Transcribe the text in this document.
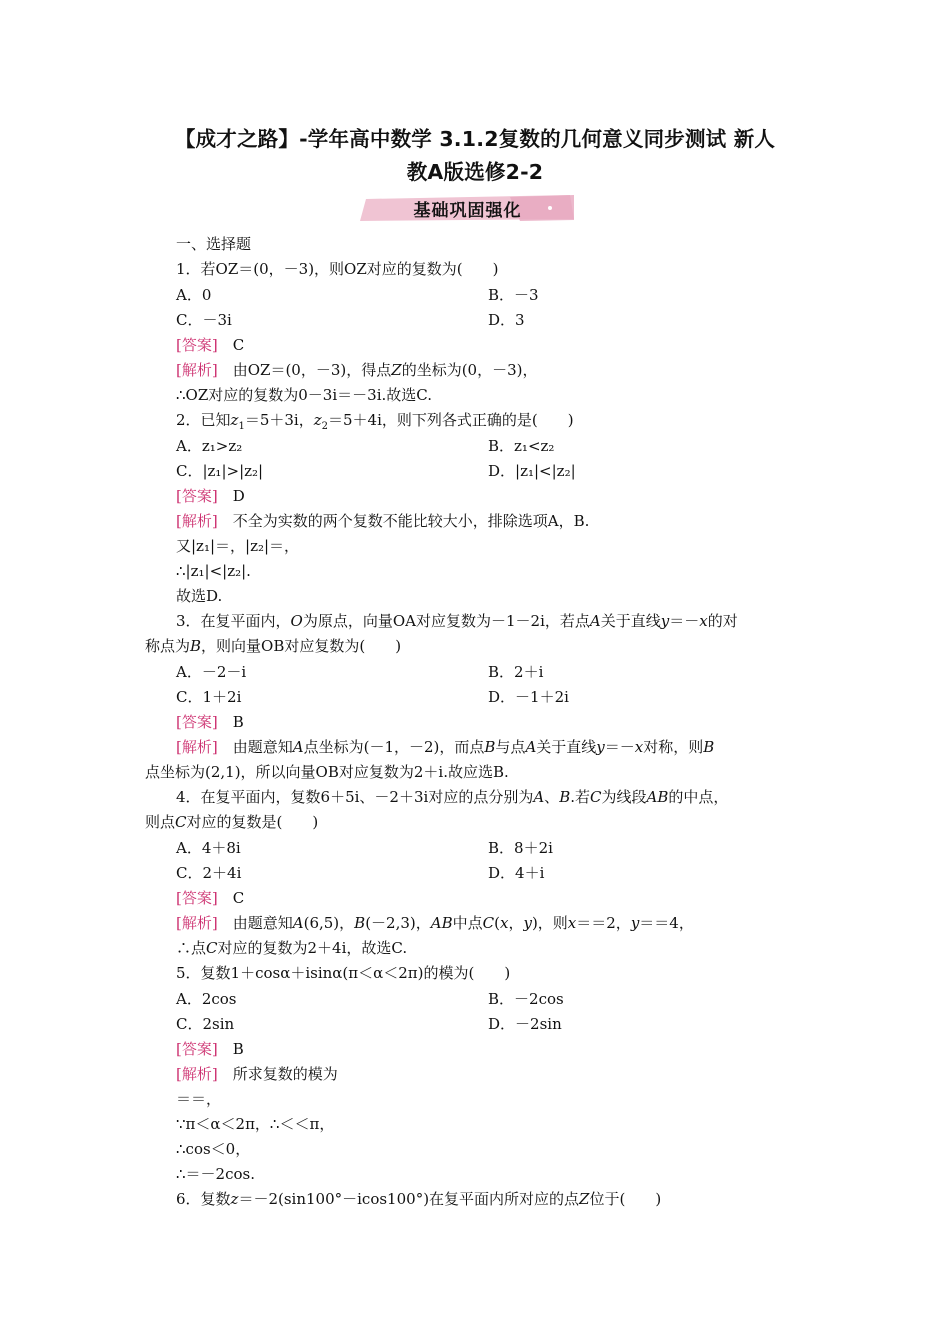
【成才之路】-学年高中数学 3.1.2复数的几何意义同步测试 新人
教A版选修2-2
基础巩固强化
一、选择题
1．若OZ＝(0，－3)，则OZ对应的复数为(　　)
A．0	B．－3
C．－3i	D．3
[答案]　 C
[解析]　 由OZ＝(0，－3)，得点Z的坐标为(0，－3)，
∴OZ对应的复数为0－3i＝－3i.故选C.
2．已知$z_1=5+3i$，$z_2=5+4i$，则下列各式正确的是(　　)
A．z₁>z₂	B．z₁<z₂
C．|z₁|>|z₂|	D．|z₁|<|z₂|
[答案]　 D
[解析]　 不全为实数的两个复数不能比较大小，排除选项A，B.
又|z₁|＝，|z₂|＝，
∴|z₁|<|z₂|.
故选D.
3．在复平面内，O为原点，向量OA对应复数为－1－2i，若点A关于直线y＝－x的对
称点为B，则向量OB对应复数为(　　)
A．－2－i	B．2＋i
C．1＋2i	D．－1＋2i
[答案]　 B
[解析]　 由题意知A点坐标为(－1，－2)，而点B与点A关于直线y＝－x对称，则B
点坐标为(2,1)，所以向量OB对应复数为2＋i.故应选B.
4．在复平面内，复数6＋5i、－2＋3i对应的点分别为A、B.若C为线段AB的中点，
则点C对应的复数是(　　)
A．4＋8i	B．8＋2i
C．2＋4i	D．4＋i
[答案]　 C
[解析]　 由题意知A(6,5)，B(－2,3)，AB中点C(x，y)，则x＝＝2，y＝＝4，
∴点C对应的复数为2＋4i，故选C.
5．复数1＋cosα＋isinα(π＜α＜2π)的模为(　　)
A．2cos	B．－2cos
C．2sin	D．－2sin
[答案]　 B
[解析]　 所求复数的模为
＝＝，
∵π＜α＜2π，∴＜＜π，
∴cos＜0，
∴＝－2cos.
6．复数z＝－2(sin100°－icos100°)在复平面内所对应的点Z位于(　　)
